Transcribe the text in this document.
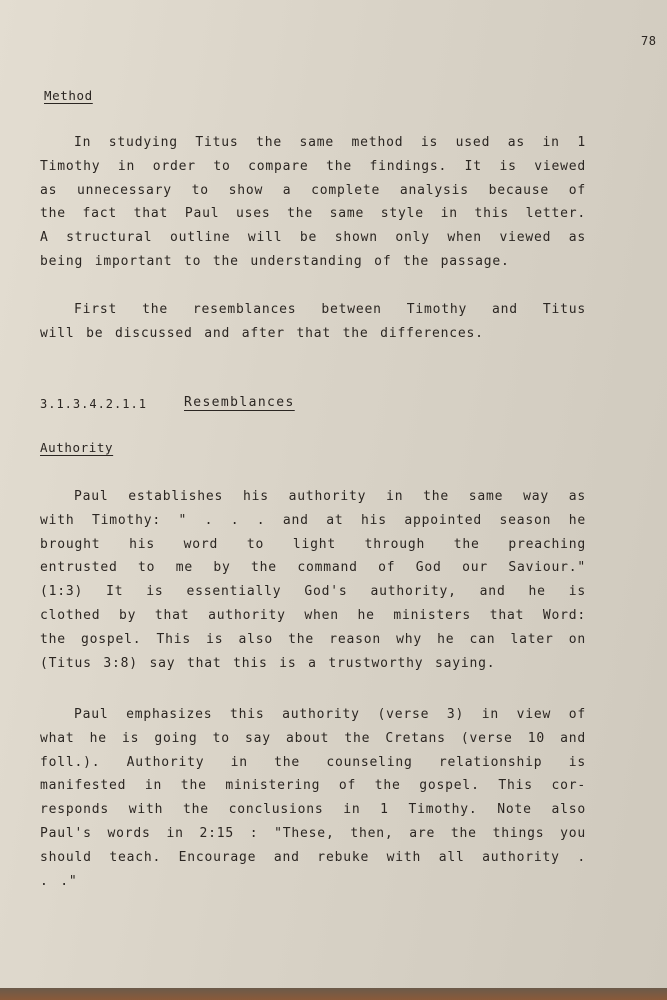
78
Method
In studying Titus the same method is used as in 1
Timothy in order to compare the findings. It is viewed
as unnecessary to show a complete analysis because of
the fact that Paul uses the same style in this letter.
A structural outline will be shown only when viewed as
being important to the understanding of the passage.
First the resemblances between Timothy and Titus
will be discussed and after that the differences.
3.1.3.4.2.1.1	Resemblances
Authority
Paul establishes his authority in the same way as
with Timothy: " . . . and at his appointed season he
brought his word to light through the preaching
entrusted to me by the command of God our Saviour."
(1:3) It is essentially God's authority, and he is
clothed by that authority when he ministers that Word:
the gospel. This is also the reason why he can later on
(Titus 3:8) say that this is a trustworthy saying.
Paul emphasizes this authority (verse 3) in view of
what he is going to say about the Cretans (verse 10 and
foll.). Authority in the counseling relationship is
manifested in the ministering of the gospel. This cor-
responds with the conclusions in 1 Timothy. Note also
Paul's words in 2:15 : "These, then, are the things you
should teach. Encourage and rebuke with all authority .
. ."
